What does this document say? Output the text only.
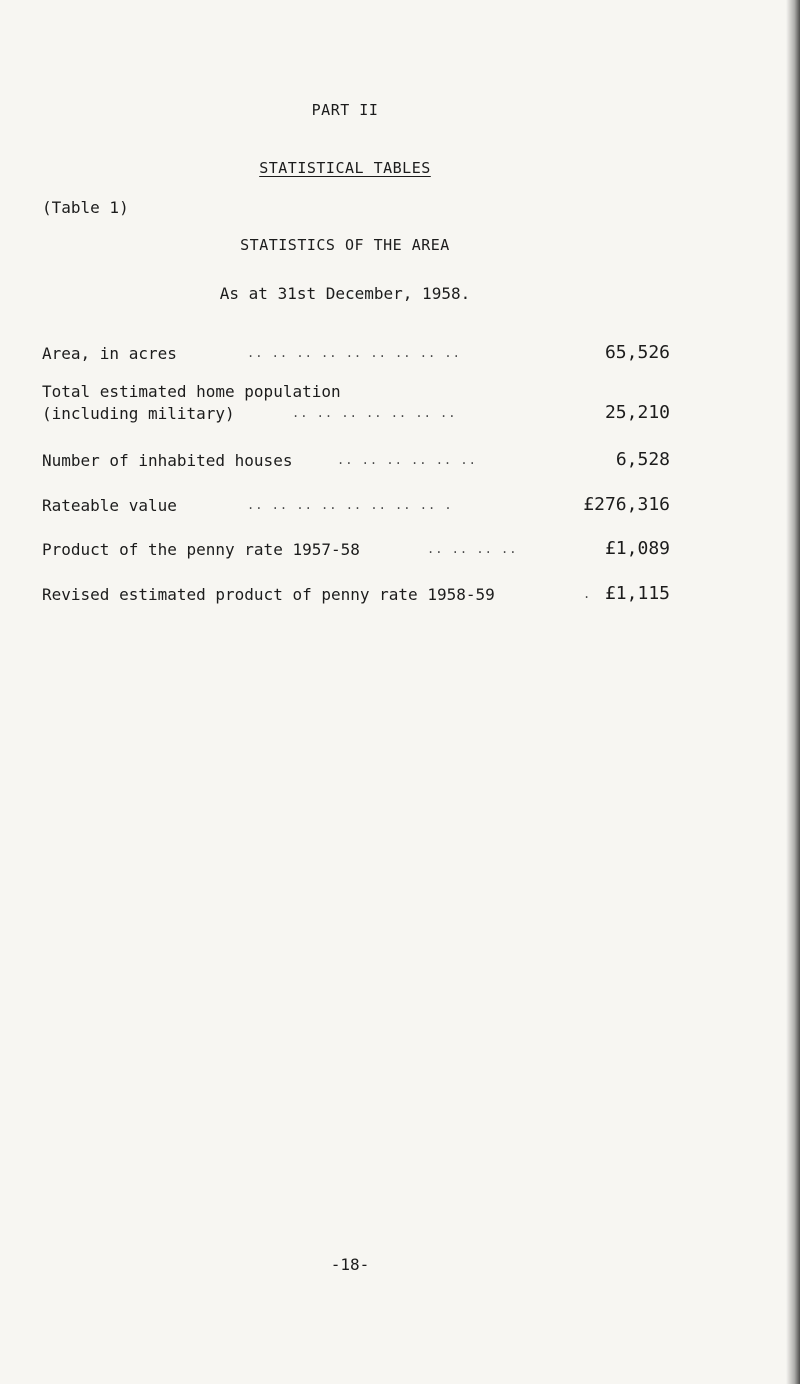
PART II
STATISTICAL TABLES
(Table 1)
STATISTICS OF THE AREA
As at 31st December, 1958.
Area, in acres	.. .. .. .. .. .. .. .. ..	65,526
Total estimated home population
(including military)	.. .. .. .. .. .. ..	25,210
Number of inhabited houses	.. .. .. .. .. ..	6,528
Rateable value	.. .. .. .. .. .. .. .. .	£276,316
Product of the penny rate 1957-58	.. .. .. ..	£1,089
Revised estimated product of penny rate 1958-59	. £1,115
-18-
